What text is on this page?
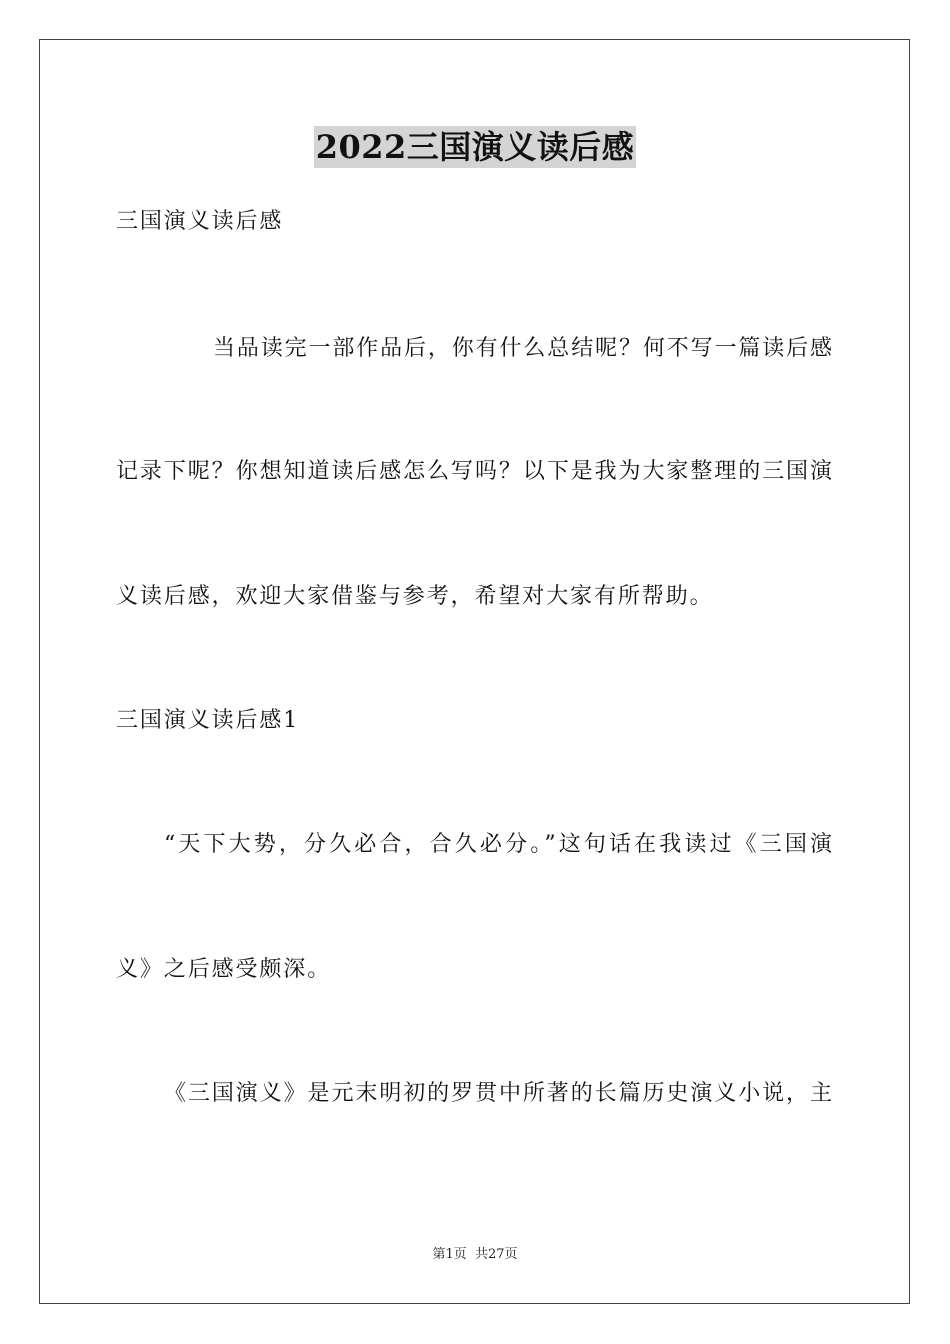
2022三国演义读后感
三国演义读后感
当品读完一部作品后，你有什么总结呢？何不写一篇读后感
记录下呢？你想知道读后感怎么写吗？以下是我为大家整理的三国演
义读后感，欢迎大家借鉴与参考，希望对大家有所帮助。
三国演义读后感1
“天下大势，分久必合，合久必分。”这句话在我读过《三国演
义》之后感受颇深。
《三国演义》是元末明初的罗贯中所著的长篇历史演义小说，主
第1页 共27页
